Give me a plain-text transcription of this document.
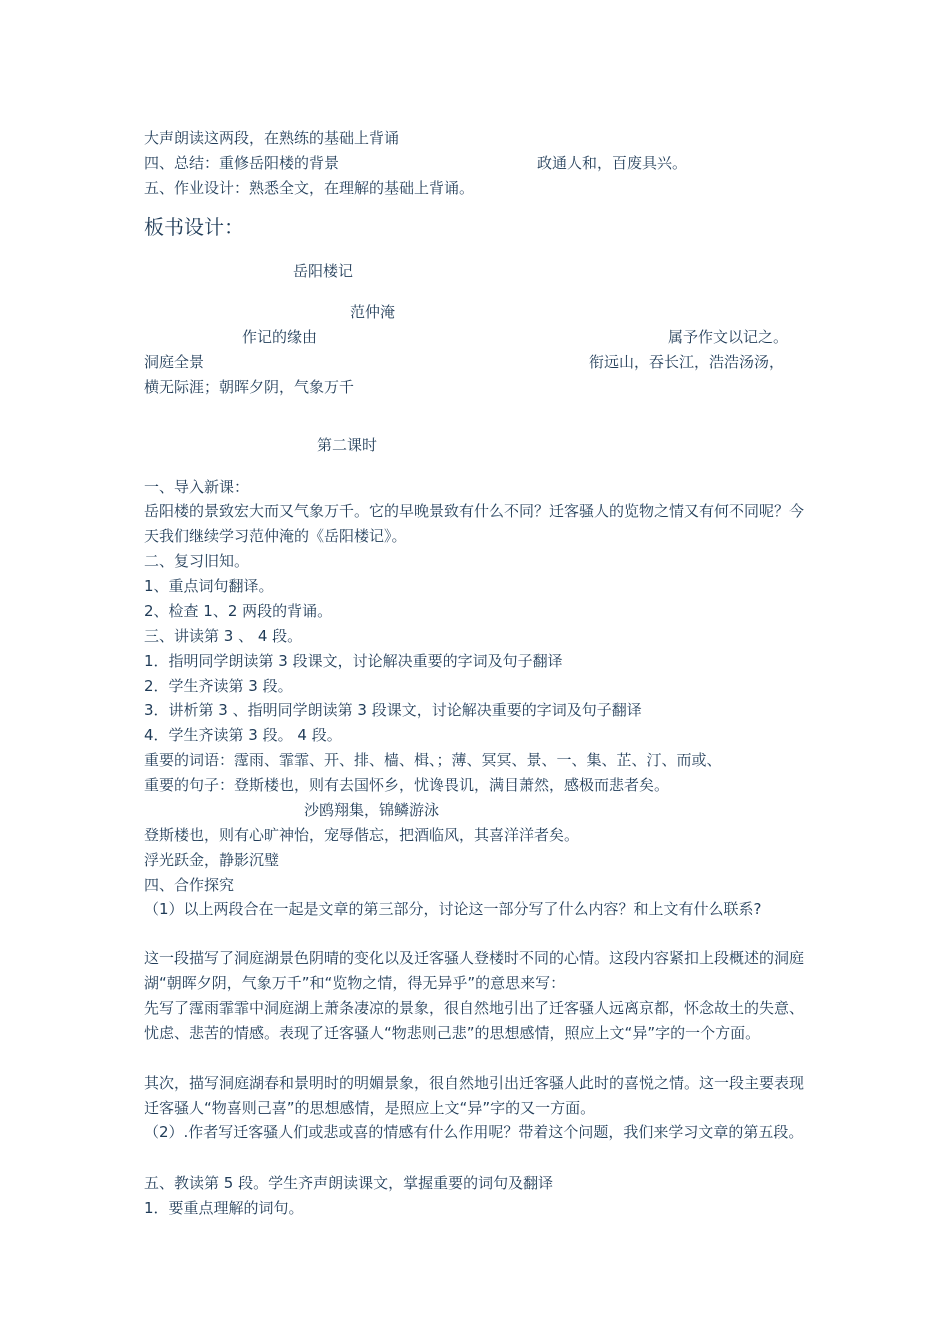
大声朗读这两段，在熟练的基础上背诵
四、总结：重修岳阳楼的背景	政通人和，百废具兴。
五、作业设计：熟悉全文，在理解的基础上背诵。
板书设计：
岳阳楼记
范仲淹
作记的缘由	属予作文以记之。
洞庭全景	衔远山，吞长江，浩浩汤汤，
横无际涯；朝晖夕阴，气象万千
第二课时
一、导入新课：
岳阳楼的景致宏大而又气象万千。它的早晚景致有什么不同？迁客骚人的览物之情又有何不同呢？今天我们继续学习范仲淹的《岳阳楼记》。
二、复习旧知。
1、重点词句翻译。
2、检查 1、2 两段的背诵。
三、讲读第 3 、 4 段。
1．指明同学朗读第 3 段课文，讨论解决重要的字词及句子翻译
2．学生齐读第 3 段。
3．讲析第 3 、指明同学朗读第 3 段课文，讨论解决重要的字词及句子翻译
4．学生齐读第 3 段。 4 段。
重要的词语：霪雨、霏霏、开、排、樯、楫、；薄、冥冥、景、一、集、芷、汀、而或、
重要的句子：登斯楼也，则有去国怀乡，忧谗畏讥，满目萧然，感极而悲者矣。
沙鸥翔集，锦鳞游泳
登斯楼也，则有心旷神怡，宠辱偕忘，把酒临风，其喜洋洋者矣。
浮光跃金，静影沉璧
四、合作探究
（1）以上两段合在一起是文章的第三部分，讨论这一部分写了什么内容？和上文有什么联系?
这一段描写了洞庭湖景色阴晴的变化以及迁客骚人登楼时不同的心情。这段内容紧扣上段概述的洞庭湖“朝晖夕阴，气象万千”和“览物之情，得无异乎”的意思来写：
先写了霪雨霏霏中洞庭湖上萧条凄凉的景象，很自然地引出了迁客骚人远离京都，怀念故土的失意、忧虑、悲苦的情感。表现了迁客骚人“物悲则己悲”的思想感情，照应上文“异”字的一个方面。
其次，描写洞庭湖春和景明时的明媚景象，很自然地引出迁客骚人此时的喜悦之情。这一段主要表现迁客骚人“物喜则己喜”的思想感情，是照应上文“异”字的又一方面。
（2）.作者写迁客骚人们或悲或喜的情感有什么作用呢？带着这个问题，我们来学习文章的第五段。
五、教读第 5 段。学生齐声朗读课文，掌握重要的词句及翻译
1．要重点理解的词句。
